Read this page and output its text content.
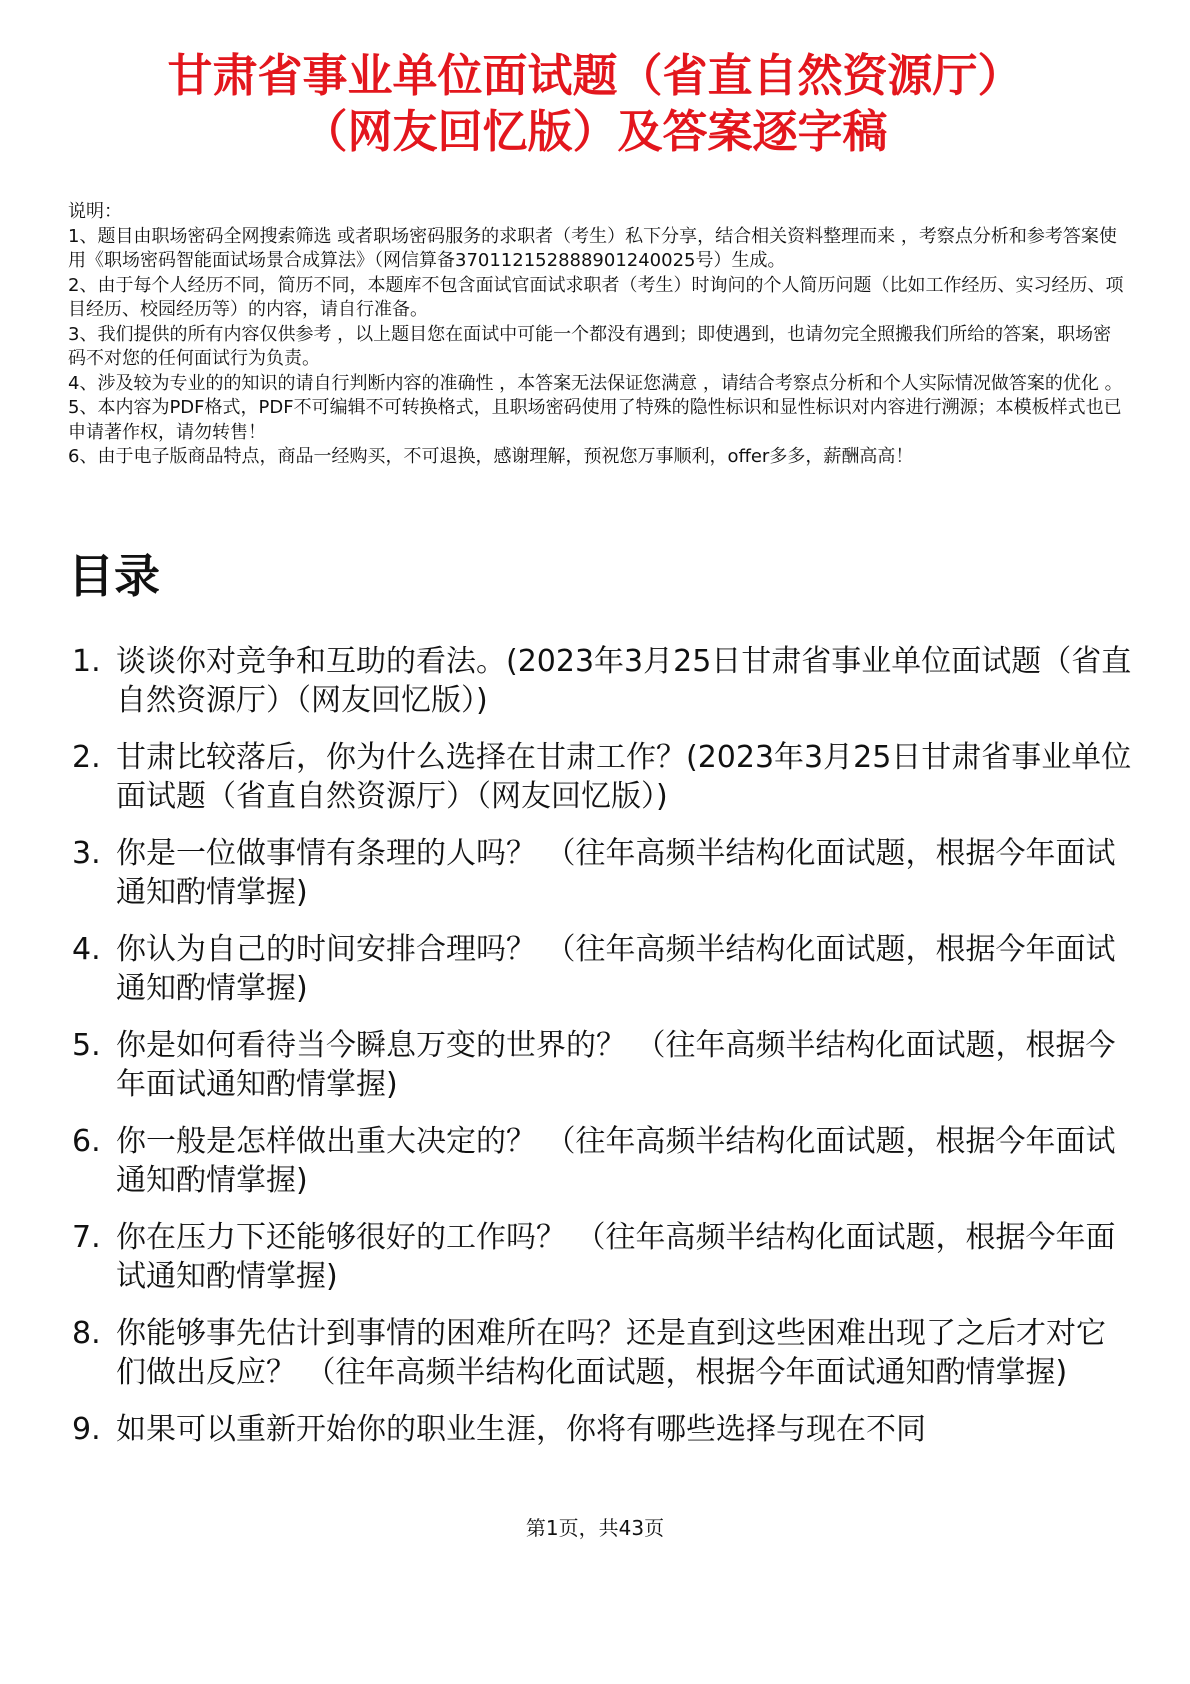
甘肃省事业单位面试题（省直自然资源厅）
（网友回忆版）及答案逐字稿

说明：

1、题目由职场密码全网搜索筛选 或者职场密码服务的求职者（考生）私下分享，结合相关资料整理而来 ，考察点分析和参考答案使用《职场密码智能面试场景合成算法》（网信算备370112152888901240025号）生成。

2、由于每个人经历不同，简历不同，本题库不包含面试官面试求职者（考生）时询问的个人简历问题（比如工作经历、实习经历、项目经历、校园经历等）的内容，请自行准备。

3、我们提供的所有内容仅供参考 ，以上题目您在面试中可能一个都没有遇到；即使遇到，也请勿完全照搬我们所给的答案，职场密码不对您的任何面试行为负责。

4、涉及较为专业的的知识的请自行判断内容的准确性 ，本答案无法保证您满意 ，请结合考察点分析和个人实际情况做答案的优化 。

5、本内容为PDF格式，PDF不可编辑不可转换格式，且职场密码使用了特殊的隐性标识和显性标识对内容进行溯源；本模板样式也已申请著作权，请勿转售！

6、由于电子版商品特点，商品一经购买，不可退换，感谢理解，预祝您万事顺利，offer多多，薪酬高高！

目录
1. 谈谈你对竞争和互助的看法。(2023年3月25日甘肃省事业单位面试题（省直自然资源厅）（网友回忆版）)
2. 甘肃比较落后，你为什么选择在甘肃工作？(2023年3月25日甘肃省事业单位面试题（省直自然资源厅）（网友回忆版）)
3. 你是一位做事情有条理的人吗？ （往年高频半结构化面试题，根据今年面试通知酌情掌握)
4. 你认为自己的时间安排合理吗？ （往年高频半结构化面试题，根据今年面试通知酌情掌握)
5. 你是如何看待当今瞬息万变的世界的？ （往年高频半结构化面试题，根据今年面试通知酌情掌握)
6. 你一般是怎样做出重大决定的？ （往年高频半结构化面试题，根据今年面试通知酌情掌握)
7. 你在压力下还能够很好的工作吗？ （往年高频半结构化面试题，根据今年面试通知酌情掌握)
8. 你能够事先估计到事情的困难所在吗？还是直到这些困难出现了之后才对它们做出反应？ （往年高频半结构化面试题，根据今年面试通知酌情掌握)
9. 如果可以重新开始你的职业生涯，你将有哪些选择与现在不同
第1页，共43页
